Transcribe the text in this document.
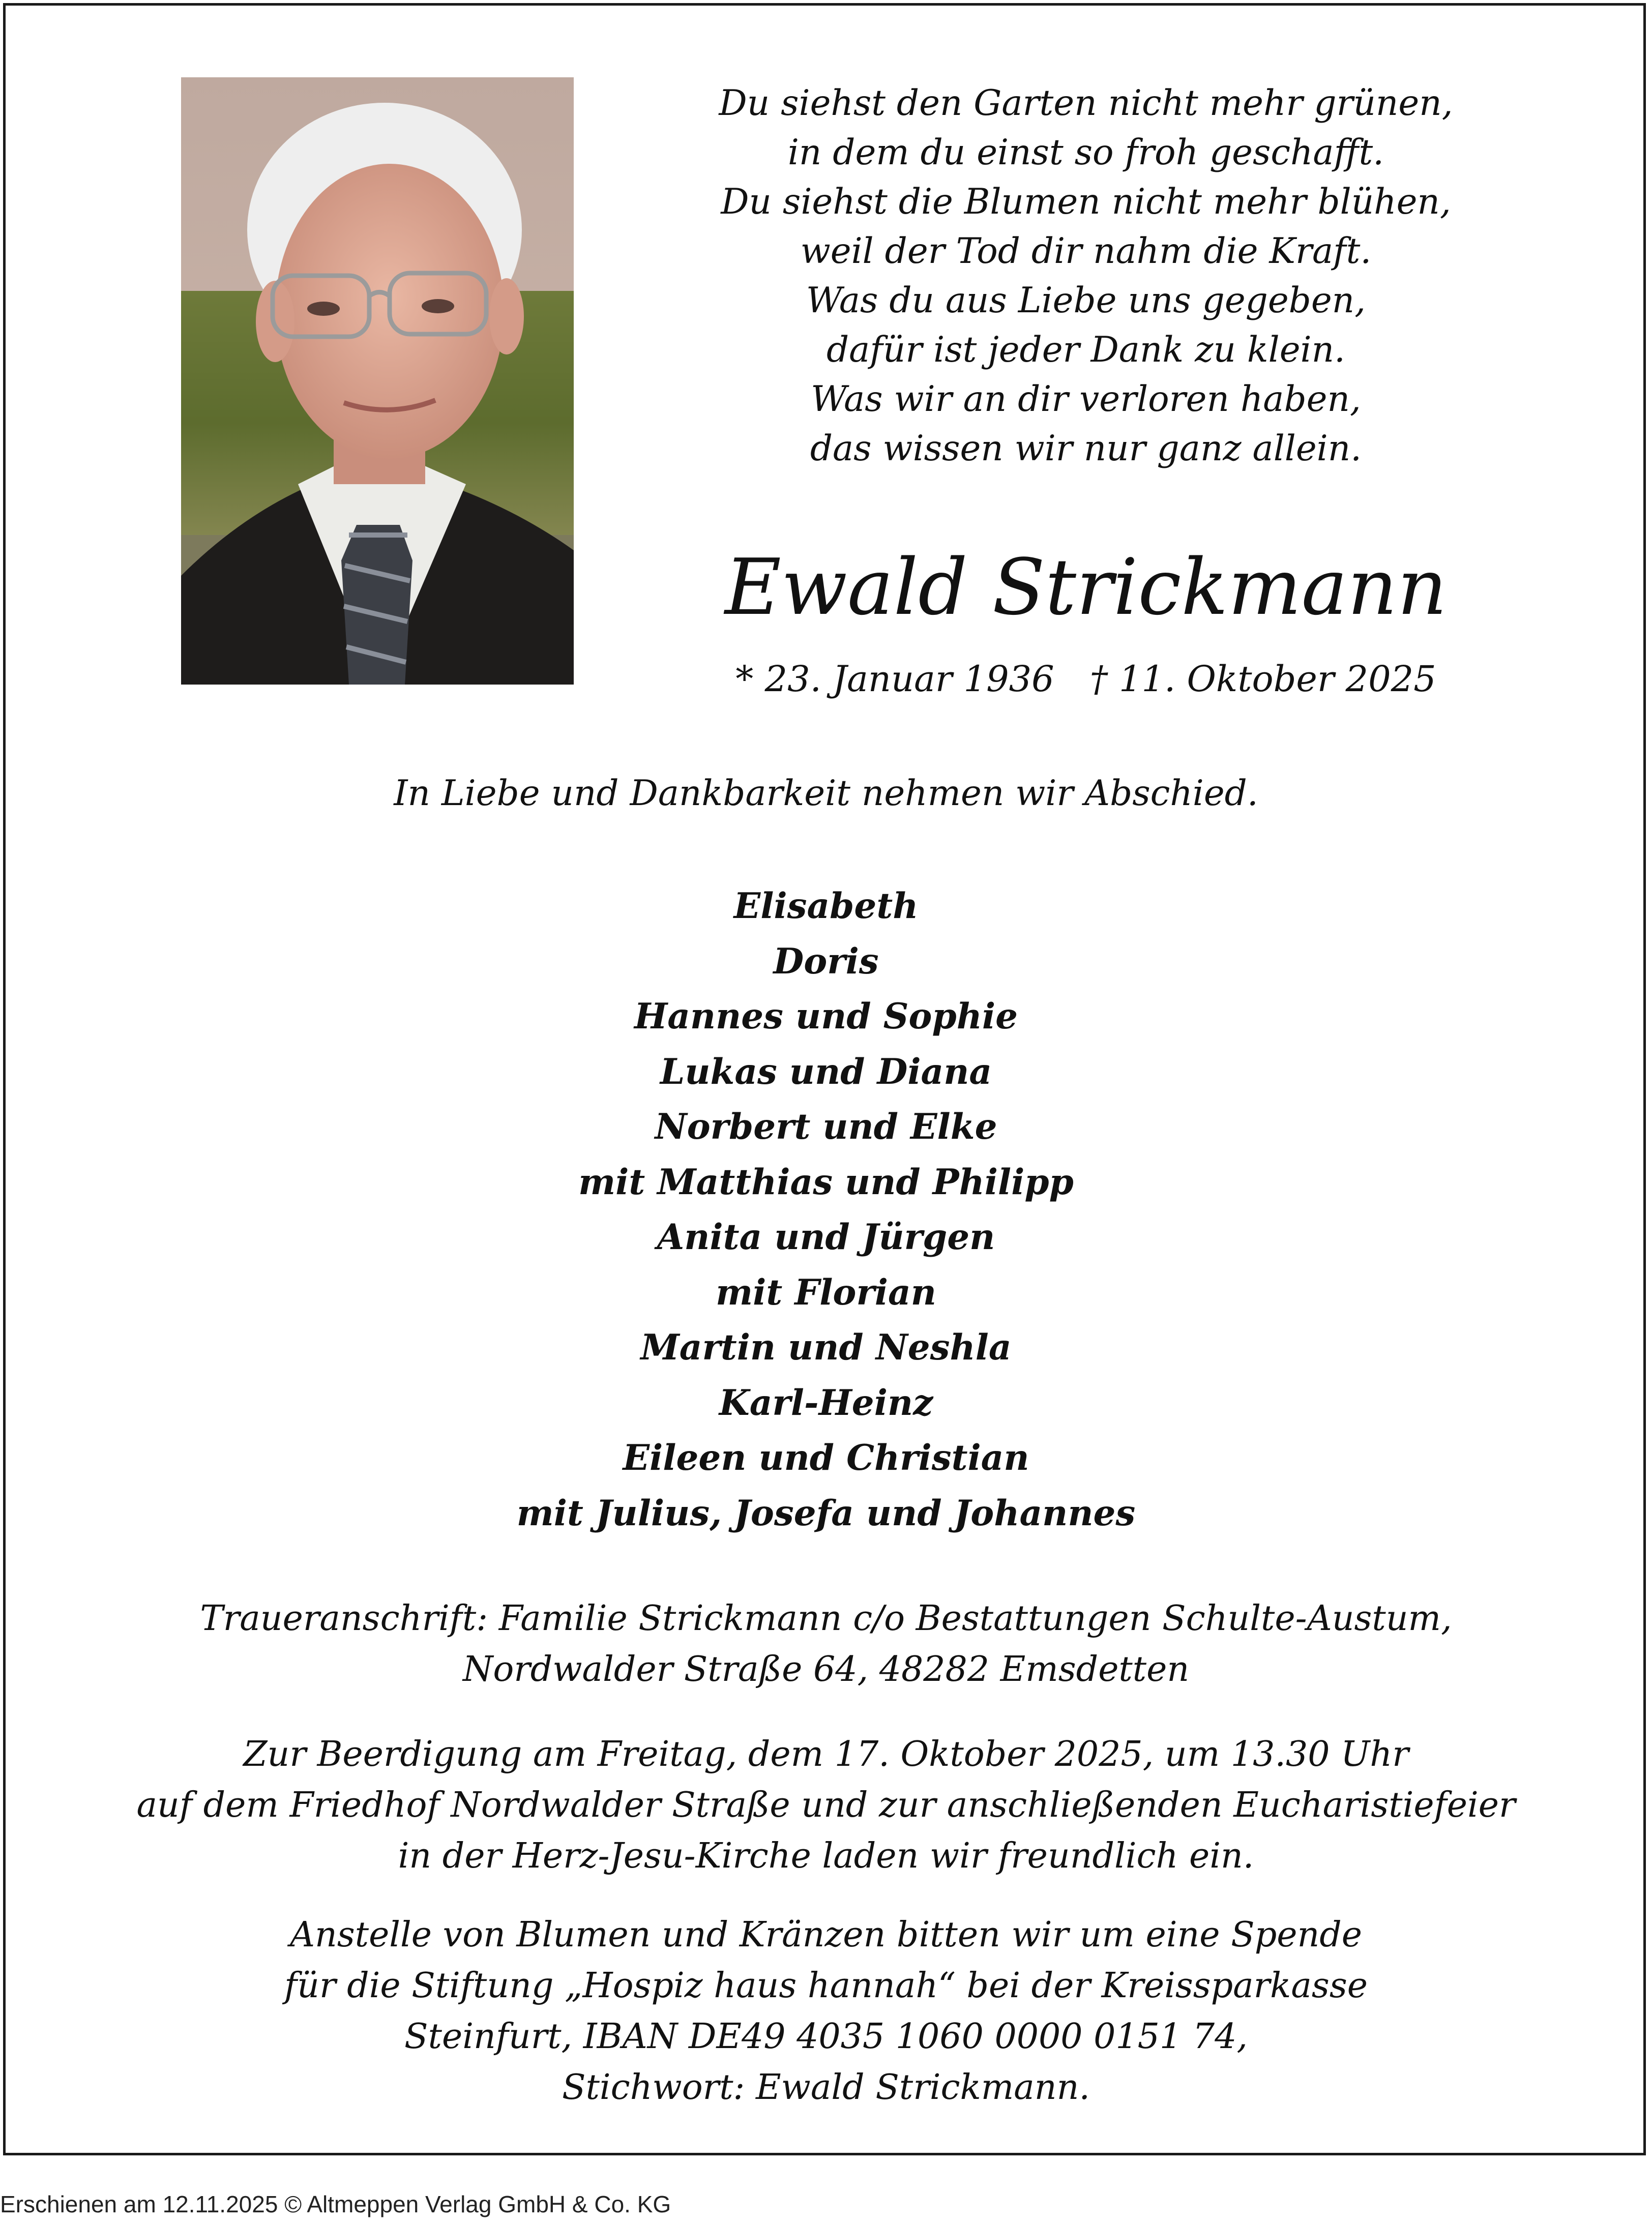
Du siehst den Garten nicht mehr grünen,
in dem du einst so froh geschafft.
Du siehst die Blumen nicht mehr blühen,
weil der Tod dir nahm die Kraft.
Was du aus Liebe uns gegeben,
dafür ist jeder Dank zu klein.
Was wir an dir verloren haben,
das wissen wir nur ganz allein.
Ewald Strickmann
* 23. Januar 1936 † 11. Oktober 2025
In Liebe und Dankbarkeit nehmen wir Abschied.
Elisabeth
Doris
Hannes und Sophie
Lukas und Diana
Norbert und Elke
mit Matthias und Philipp
Anita und Jürgen
mit Florian
Martin und Neshla
Karl-Heinz
Eileen und Christian
mit Julius, Josefa und Johannes
Traueranschrift: Familie Strickmann c/o Bestattungen Schulte-Austum,
Nordwalder Straße 64, 48282 Emsdetten
Zur Beerdigung am Freitag, dem 17. Oktober 2025, um 13.30 Uhr
auf dem Friedhof Nordwalder Straße und zur anschließenden Eucharistiefeier
in der Herz-Jesu-Kirche laden wir freundlich ein.
Anstelle von Blumen und Kränzen bitten wir um eine Spende
für die Stiftung „Hospiz haus hannah“ bei der Kreissparkasse
Steinfurt, IBAN DE49 4035 1060 0000 0151 74,
Stichwort: Ewald Strickmann.
Erschienen am 12.11.2025 © Altmeppen Verlag GmbH & Co. KG
